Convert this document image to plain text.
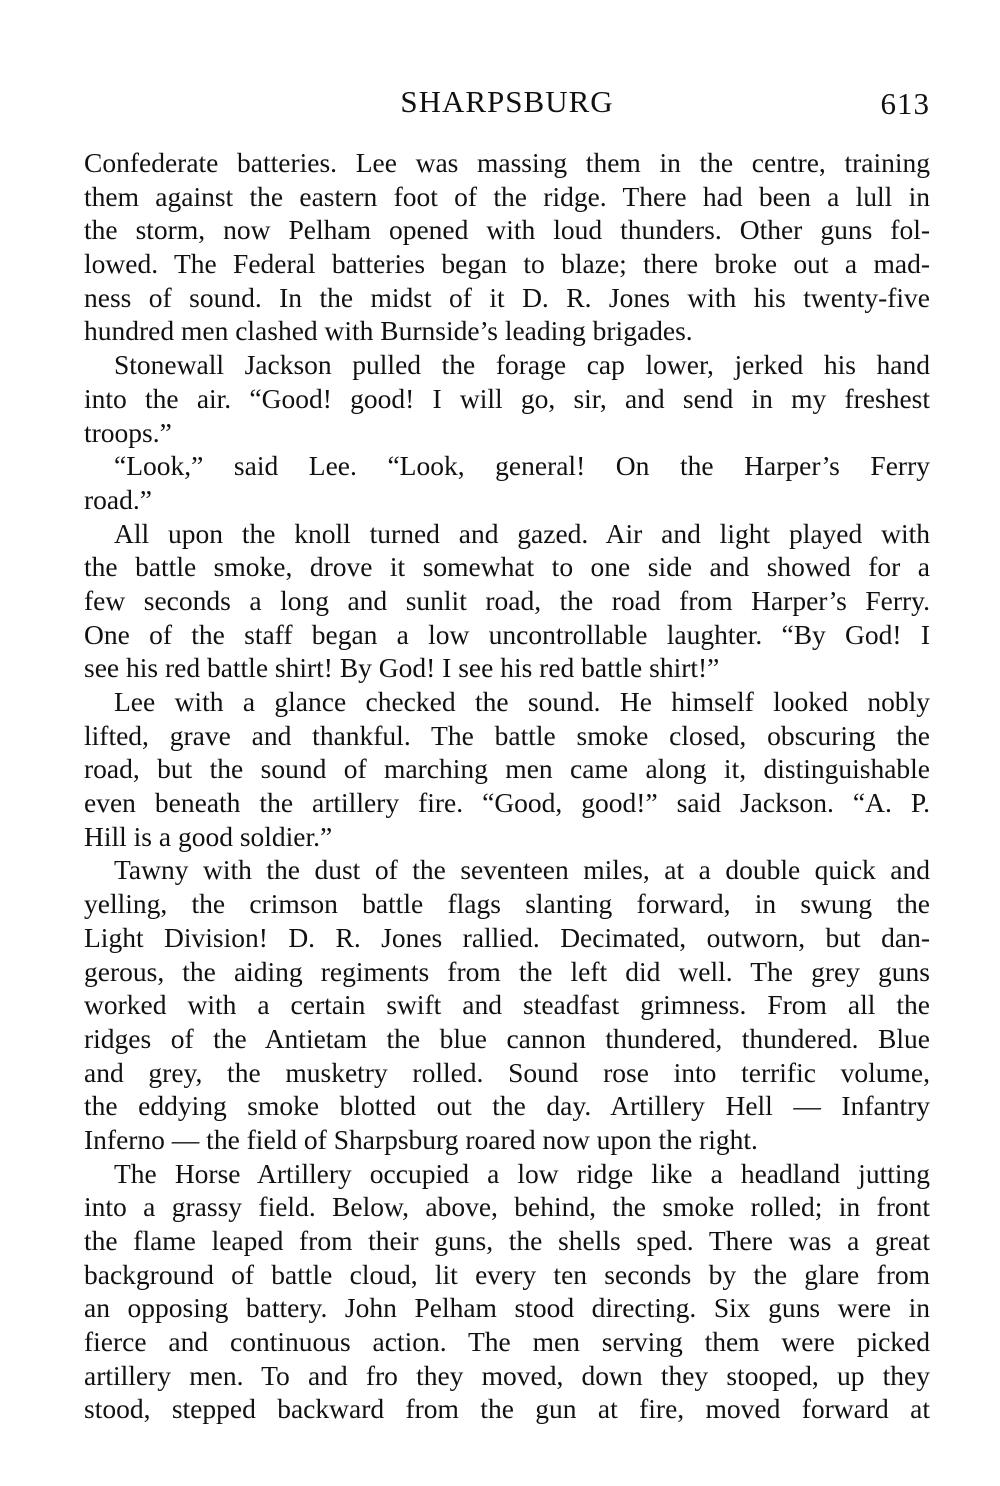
SHARPSBURG	613
Confederate batteries. Lee was massing them in the centre, training
them against the eastern foot of the ridge. There had been a lull in
the storm, now Pelham opened with loud thunders. Other guns fol-
lowed. The Federal batteries began to blaze; there broke out a mad-
ness of sound. In the midst of it D. R. Jones with his twenty-five
hundred men clashed with Burnside’s leading brigades.
Stonewall Jackson pulled the forage cap lower, jerked his hand
into the air. “Good! good! I will go, sir, and send in my freshest
troops.”
“Look,” said Lee. “Look, general! On the Harper’s Ferry
road.”
All upon the knoll turned and gazed. Air and light played with
the battle smoke, drove it somewhat to one side and showed for a
few seconds a long and sunlit road, the road from Harper’s Ferry.
One of the staff began a low uncontrollable laughter. “By God! I
see his red battle shirt! By God! I see his red battle shirt!”
Lee with a glance checked the sound. He himself looked nobly
lifted, grave and thankful. The battle smoke closed, obscuring the
road, but the sound of marching men came along it, distinguishable
even beneath the artillery fire. “Good, good!” said Jackson. “A. P.
Hill is a good soldier.”
Tawny with the dust of the seventeen miles, at a double quick and
yelling, the crimson battle flags slanting forward, in swung the
Light Division! D. R. Jones rallied. Decimated, outworn, but dan-
gerous, the aiding regiments from the left did well. The grey guns
worked with a certain swift and steadfast grimness. From all the
ridges of the Antietam the blue cannon thundered, thundered. Blue
and grey, the musketry rolled. Sound rose into terrific volume,
the eddying smoke blotted out the day. Artillery Hell — Infantry
Inferno — the field of Sharpsburg roared now upon the right.
The Horse Artillery occupied a low ridge like a headland jutting
into a grassy field. Below, above, behind, the smoke rolled; in front
the flame leaped from their guns, the shells sped. There was a great
background of battle cloud, lit every ten seconds by the glare from
an opposing battery. John Pelham stood directing. Six guns were in
fierce and continuous action. The men serving them were picked
artillery men. To and fro they moved, down they stooped, up they
stood, stepped backward from the gun at fire, moved forward at
